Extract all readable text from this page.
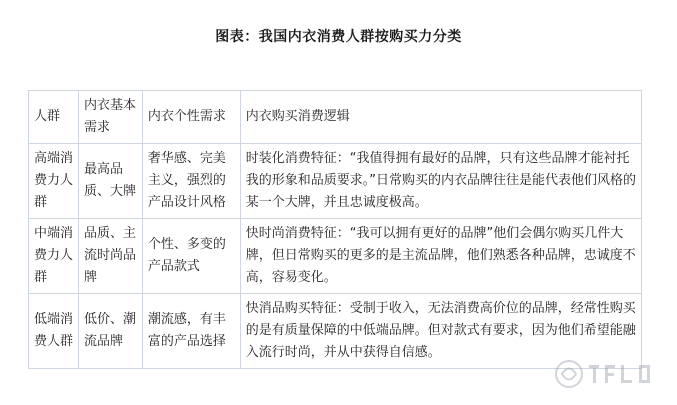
图表：我国内衣消费人群按购买力分类
人群	内衣基本需求	内衣个性需求	内衣购买消费逻辑
高端消费力人群	最高品质、大牌	奢华感、完美主义，强烈的产品设计风格	时装化消费特征：“我值得拥有最好的品牌，只有这些品牌才能衬托我的形象和品质要求。”日常购买的内衣品牌往往是能代表他们风格的某一个大牌，并且忠诚度极高。
中端消费力人群	品质、主流时尚品牌	个性、多变的产品款式	快时尚消费特征：“我可以拥有更好的品牌”他们会偶尔购买几件大牌，但日常购买的更多的是主流品牌，他们熟悉各种品牌，忠诚度不高，容易变化。
低端消费人群	低价、潮流品牌	潮流感，有丰富的产品选择	快消品购买特征：受制于收入，无法消费高价位的品牌，经常性购买的是有质量保障的中低端品牌。但对款式有要求，因为他们希望能融入流行时尚，并从中获得自信感。
